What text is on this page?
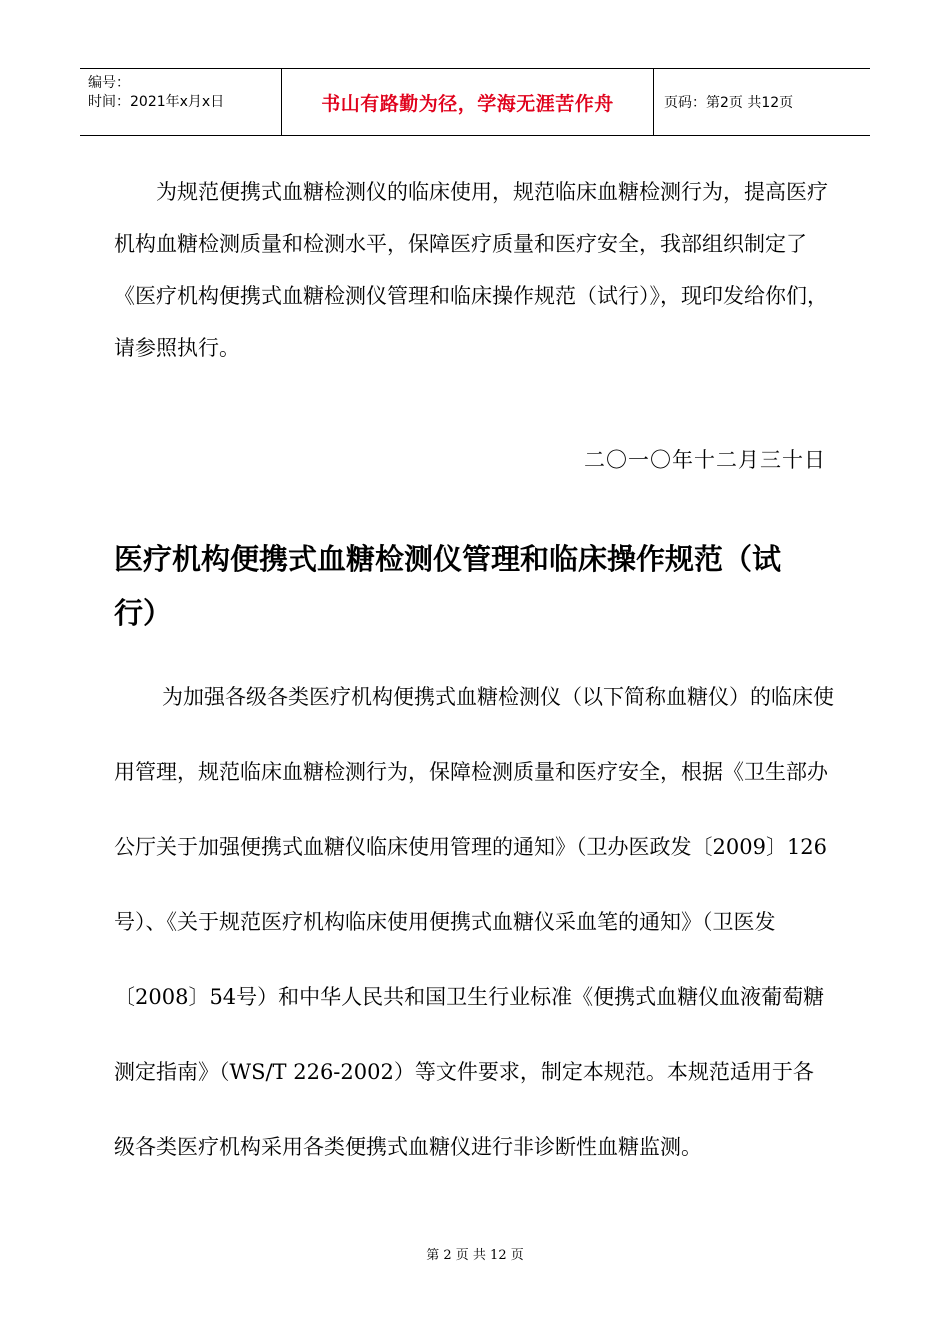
编号：
时间：2021年x月x日	书山有路勤为径，学海无涯苦作舟	页码：第2页 共12页

为规范便携式血糖检测仪的临床使用，规范临床血糖检测行为，提高医疗机构血糖检测质量和检测水平，保障医疗质量和医疗安全，我部组织制定了《医疗机构便携式血糖检测仪管理和临床操作规范（试行）》，现印发给你们，请参照执行。

二〇一〇年十二月三十日
医疗机构便携式血糖检测仪管理和临床操作规范（试行）

为加强各级各类医疗机构便携式血糖检测仪（以下简称血糖仪）的临床使用管理，规范临床血糖检测行为，保障检测质量和医疗安全，根据《卫生部办公厅关于加强便携式血糖仪临床使用管理的通知》（卫办医政发〔2009〕126号）、《关于规范医疗机构临床使用便携式血糖仪采血笔的通知》（卫医发〔2008〕54号）和中华人民共和国卫生行业标准《便携式血糖仪血液葡萄糖测定指南》（WS/T 226-2002）等文件要求，制定本规范。本规范适用于各级各类医疗机构采用各类便携式血糖仪进行非诊断性血糖监测。

第 2 页 共 12 页
